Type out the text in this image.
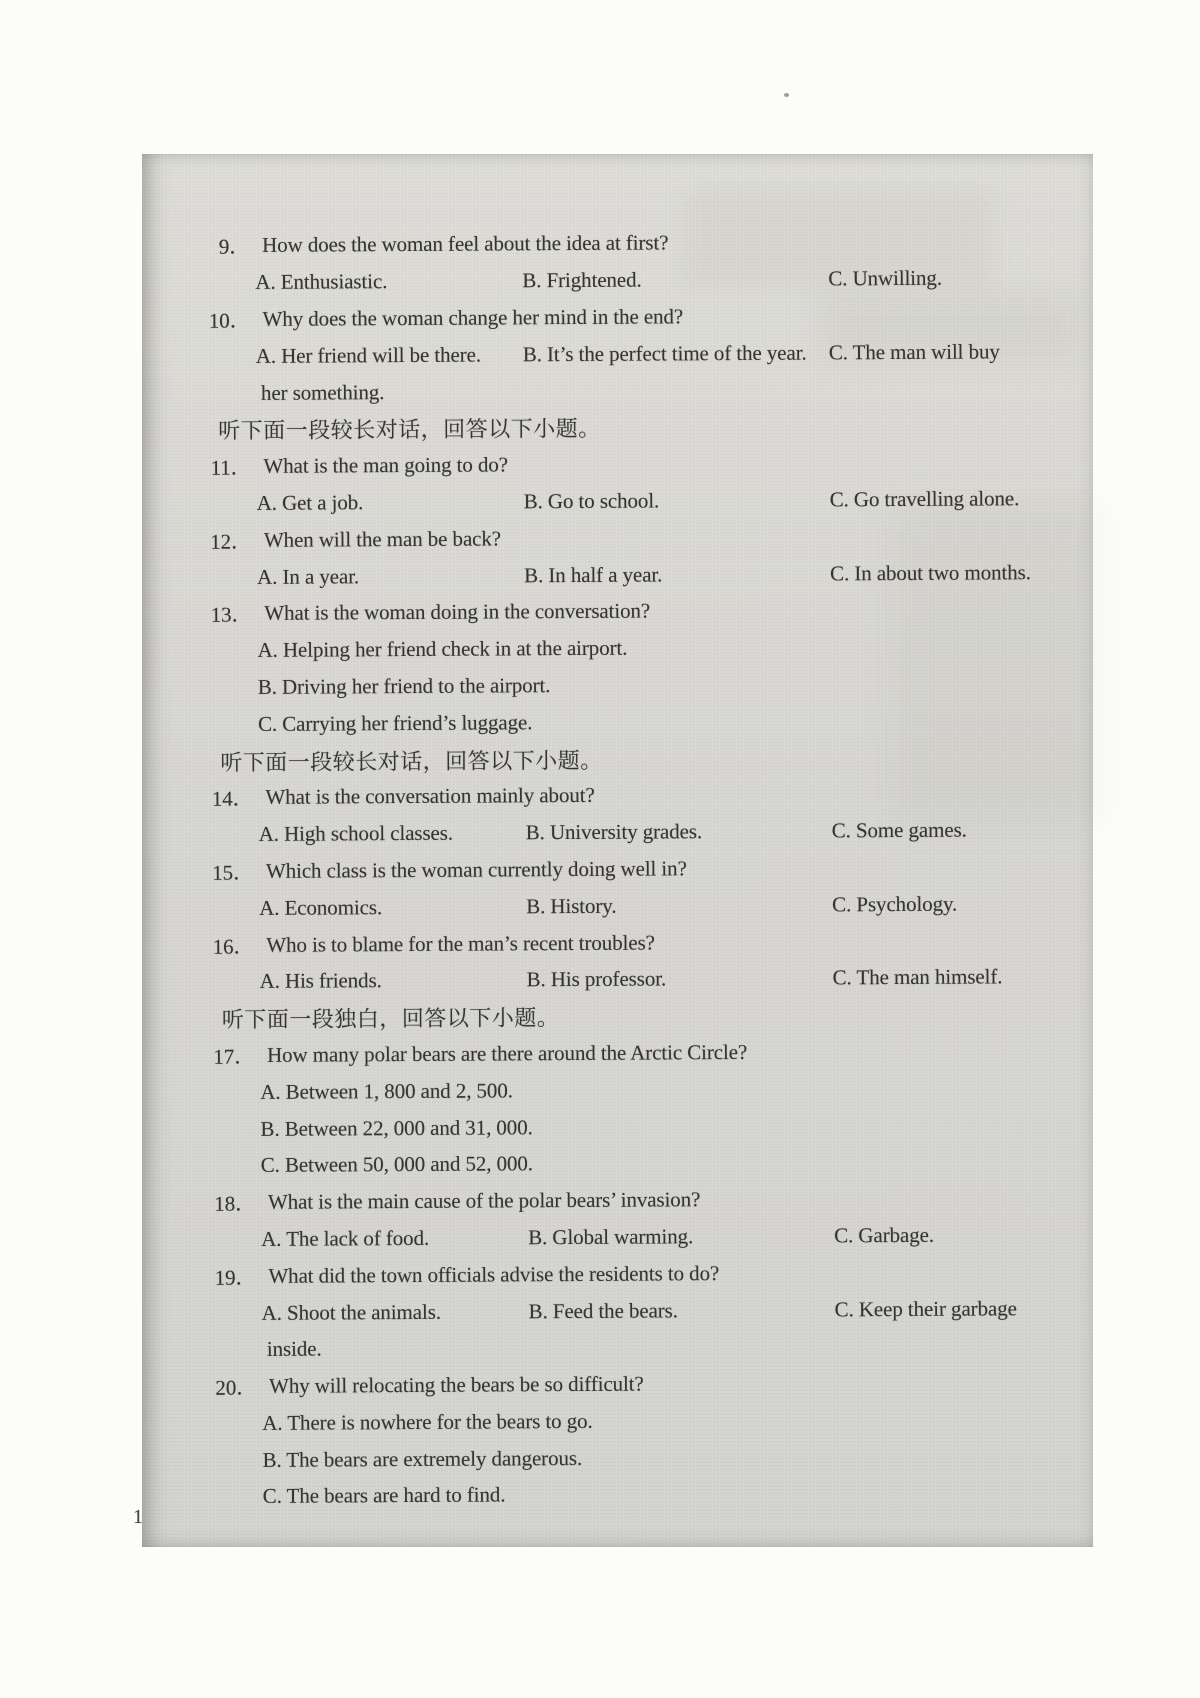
9． How does the woman feel about the idea at first?
A. Enthusiastic.	B. Frightened.	C. Unwilling.
10． Why does the woman change her mind in the end?
A. Her friend will be there. B. It’s the perfect time of the year. C. The man will buy
her something.
听下面一段较长对话，回答以下小题。
11． What is the man going to do?
A. Get a job.	B. Go to school.	C. Go travelling alone.
12． When will the man be back?
A. In a year.	B. In half a year.	C. In about two months.
13． What is the woman doing in the conversation?
A. Helping her friend check in at the airport.
B. Driving her friend to the airport.
C. Carrying her friend’s luggage.
听下面一段较长对话，回答以下小题。
14． What is the conversation mainly about?
A. High school classes.	B. University grades.	C. Some games.
15． Which class is the woman currently doing well in?
A. Economics.	B. History.	C. Psychology.
16． Who is to blame for the man’s recent troubles?
A. His friends.	B. His professor.	C. The man himself.
听下面一段独白，回答以下小题。
17． How many polar bears are there around the Arctic Circle?
A. Between 1, 800 and 2, 500.
B. Between 22, 000 and 31, 000.
C. Between 50, 000 and 52, 000.
18． What is the main cause of the polar bears’ invasion?
A. The lack of food.	B. Global warming.	C. Garbage.
19． What did the town officials advise the residents to do?
A. Shoot the animals.	B. Feed the bears.	C. Keep their garbage
inside.
20． Why will relocating the bears be so difficult?
A. There is nowhere for the bears to go.
B. The bears are extremely dangerous.
C. The bears are hard to find.
1
